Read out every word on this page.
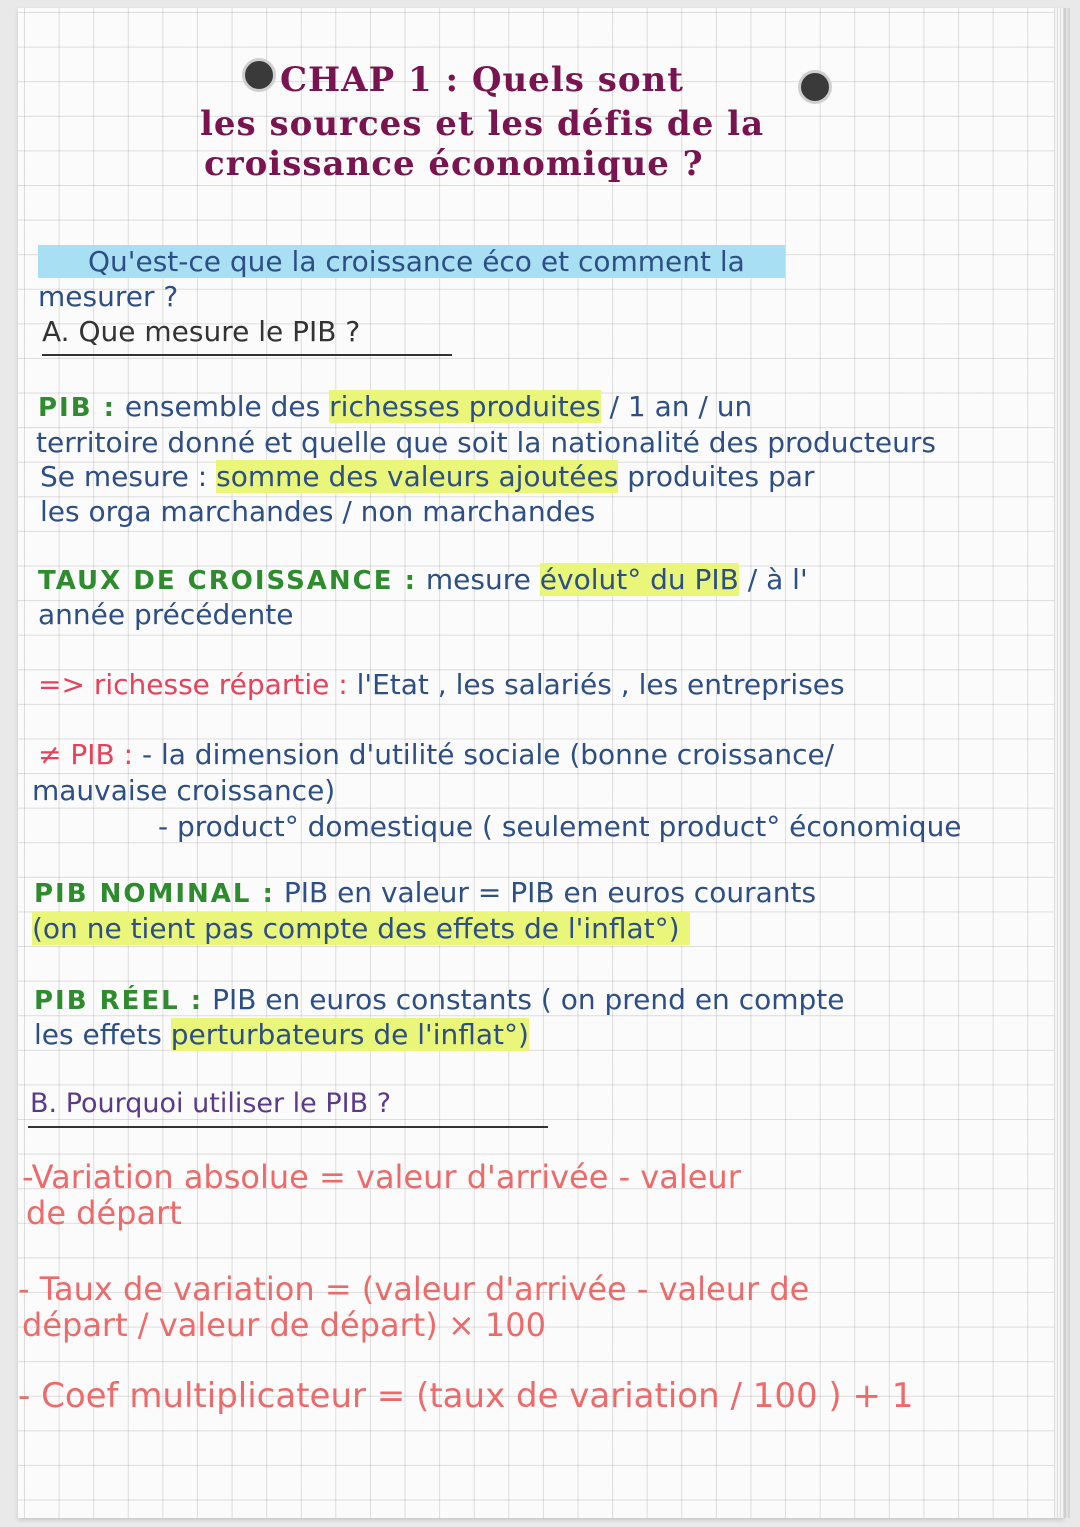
CHAP 1 : Quels sont
les sources et les défis de la
croissance économique ?
Qu'est-ce que la croissance éco et comment la
mesurer ?
A. Que mesure le PIB ?
PIB : ensemble des richesses produites / 1 an / un
territoire donné et quelle que soit la nationalité des producteurs
Se mesure : somme des valeurs ajoutées produites par
les orga marchandes / non marchandes
TAUX DE CROISSANCE : mesure évolut° du PIB / à l'
année précédente
=> richesse répartie : l'Etat , les salariés , les entreprises
≠ PIB : - la dimension d'utilité sociale (bonne croissance/
mauvaise croissance)
- product° domestique ( seulement product° économique
PIB NOMINAL : PIB en valeur = PIB en euros courants
(on ne tient pas compte des effets de l'inflat°)
PIB RÉEL : PIB en euros constants ( on prend en compte
les effets perturbateurs de l'inflat°)
B. Pourquoi utiliser le PIB ?
-Variation absolue = valeur d'arrivée - valeur
de départ
- Taux de variation = (valeur d'arrivée - valeur de
départ / valeur de départ) × 100
- Coef multiplicateur = (taux de variation / 100 ) + 1
